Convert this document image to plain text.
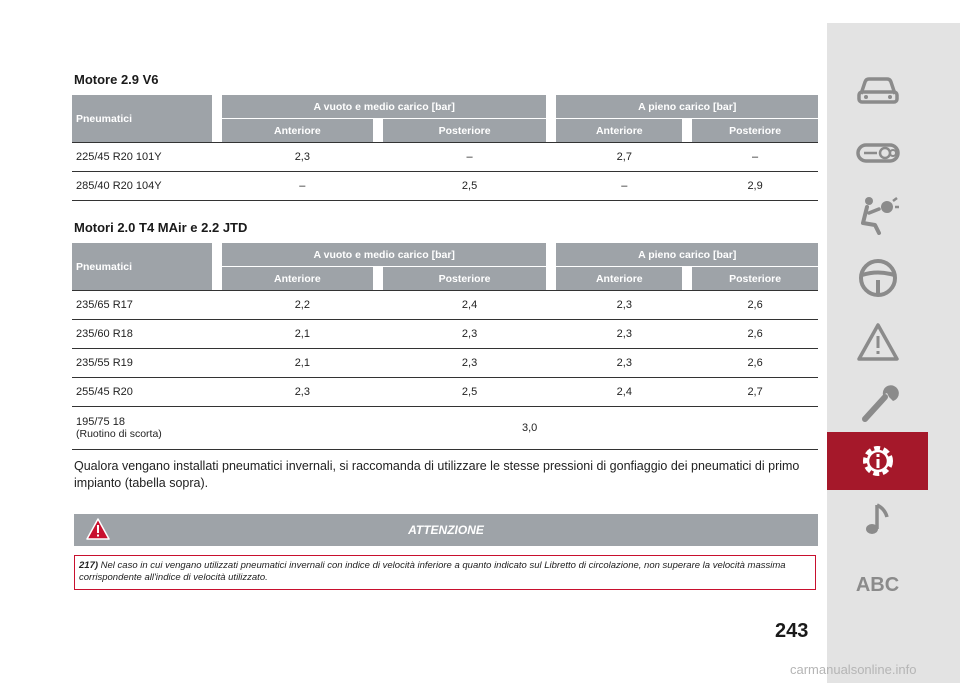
Motore 2.9 V6
Pneumatici	A vuoto e medio carico [bar]		A pieno carico [bar]	
	Anteriore	Posteriore	Anteriore	Posteriore
225/45 R20 101Y	2,3	–	2,7	–
285/40 R20 104Y	–	2,5	–	2,9
Motori 2.0 T4 MAir e 2.2 JTD
Pneumatici	A vuoto e medio carico [bar]		A pieno carico [bar]	
	Anteriore	Posteriore	Anteriore	Posteriore
235/65 R17	2,2	2,4	2,3	2,6
235/60 R18	2,1	2,3	2,3	2,6
235/55 R19	2,1	2,3	2,3	2,6
255/45 R20	2,3	2,5	2,4	2,7
195/75 18
(Ruotino di scorta)	3,0			
Qualora vengano installati pneumatici invernali, si raccomanda di utilizzare le stesse pressioni di gonfiaggio dei pneumatici di primo impianto (tabella sopra).
ATTENZIONE
217) Nel caso in cui vengano utilizzati pneumatici invernali con indice di velocità inferiore a quanto indicato sul Libretto di circolazione, non superare la velocità massima corrispondente all'indice di velocità utilizzato.
243
ABC
carmanualsonline.info
